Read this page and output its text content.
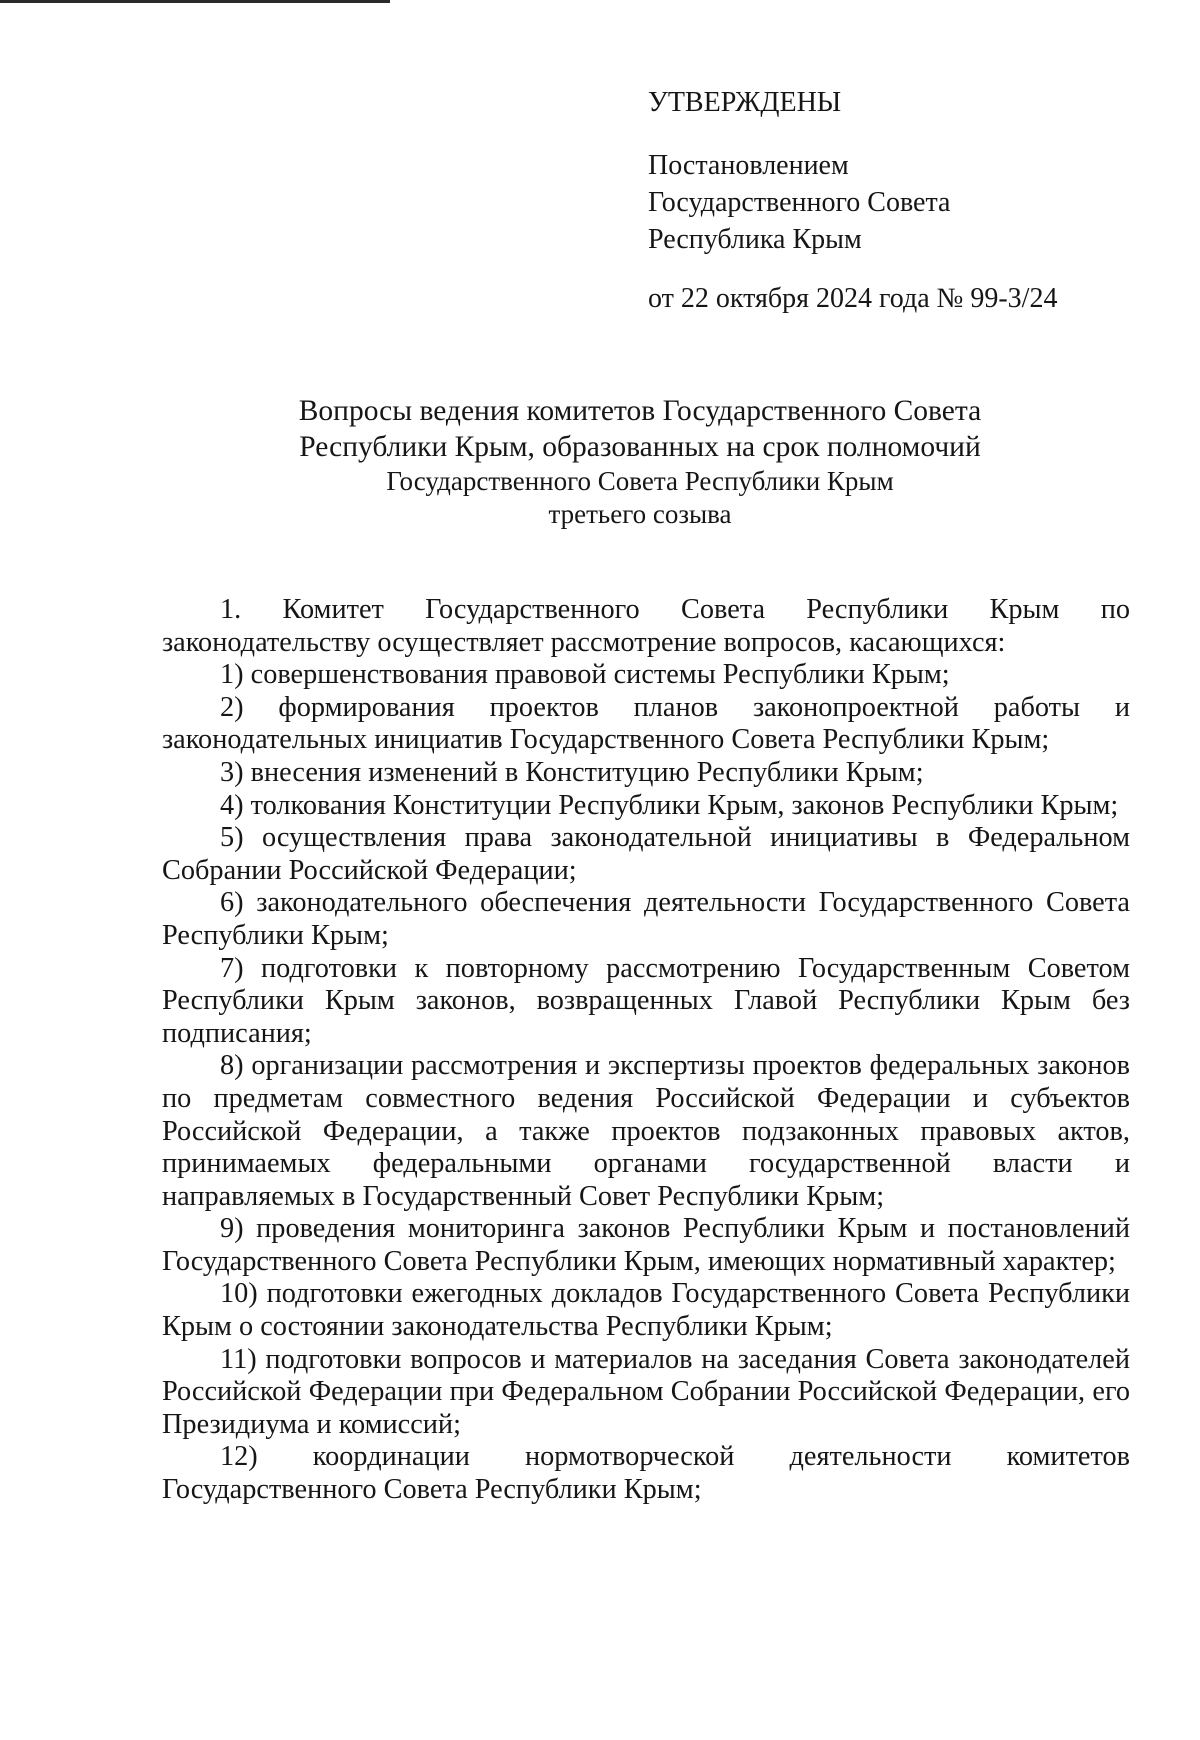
УТВЕРЖДЕНЫ
Постановлением
Государственного Совета
Республика Крым
от 22 октября 2024 года № 99-3/24
Вопросы ведения комитетов Государственного Совета
Республики Крым, образованных на срок полномочий
Государственного Совета Республики Крым
третьего созыва

1. Комитет Государственного Совета Республики Крым по законодательству осуществляет рассмотрение вопросов, касающихся:

1) совершенствования правовой системы Республики Крым;

2) формирования проектов планов законопроектной работы и законодательных инициатив Государственного Совета Республики Крым;

3) внесения изменений в Конституцию Республики Крым;

4) толкования Конституции Республики Крым, законов Республики Крым;

5) осуществления права законодательной инициативы в Федеральном Собрании Российской Федерации;

6) законодательного обеспечения деятельности Государственного Совета Республики Крым;

7) подготовки к повторному рассмотрению Государственным Советом Республики Крым законов, возвращенных Главой Республики Крым без подписания;

8) организации рассмотрения и экспертизы проектов федеральных законов по предметам совместного ведения Российской Федерации и субъектов Российской Федерации, а также проектов подзаконных правовых актов, принимаемых федеральными органами государственной власти и направляемых в Государственный Совет Республики Крым;

9) проведения мониторинга законов Республики Крым и постановлений Государственного Совета Республики Крым, имеющих нормативный характер;

10) подготовки ежегодных докладов Государственного Совета Республики Крым о состоянии законодательства Республики Крым;

11) подготовки вопросов и материалов на заседания Совета законодателей Российской Федерации при Федеральном Собрании Российской Федерации, его Президиума и комиссий;

12) координации нормотворческой деятельности комитетов Государственного Совета Республики Крым;
